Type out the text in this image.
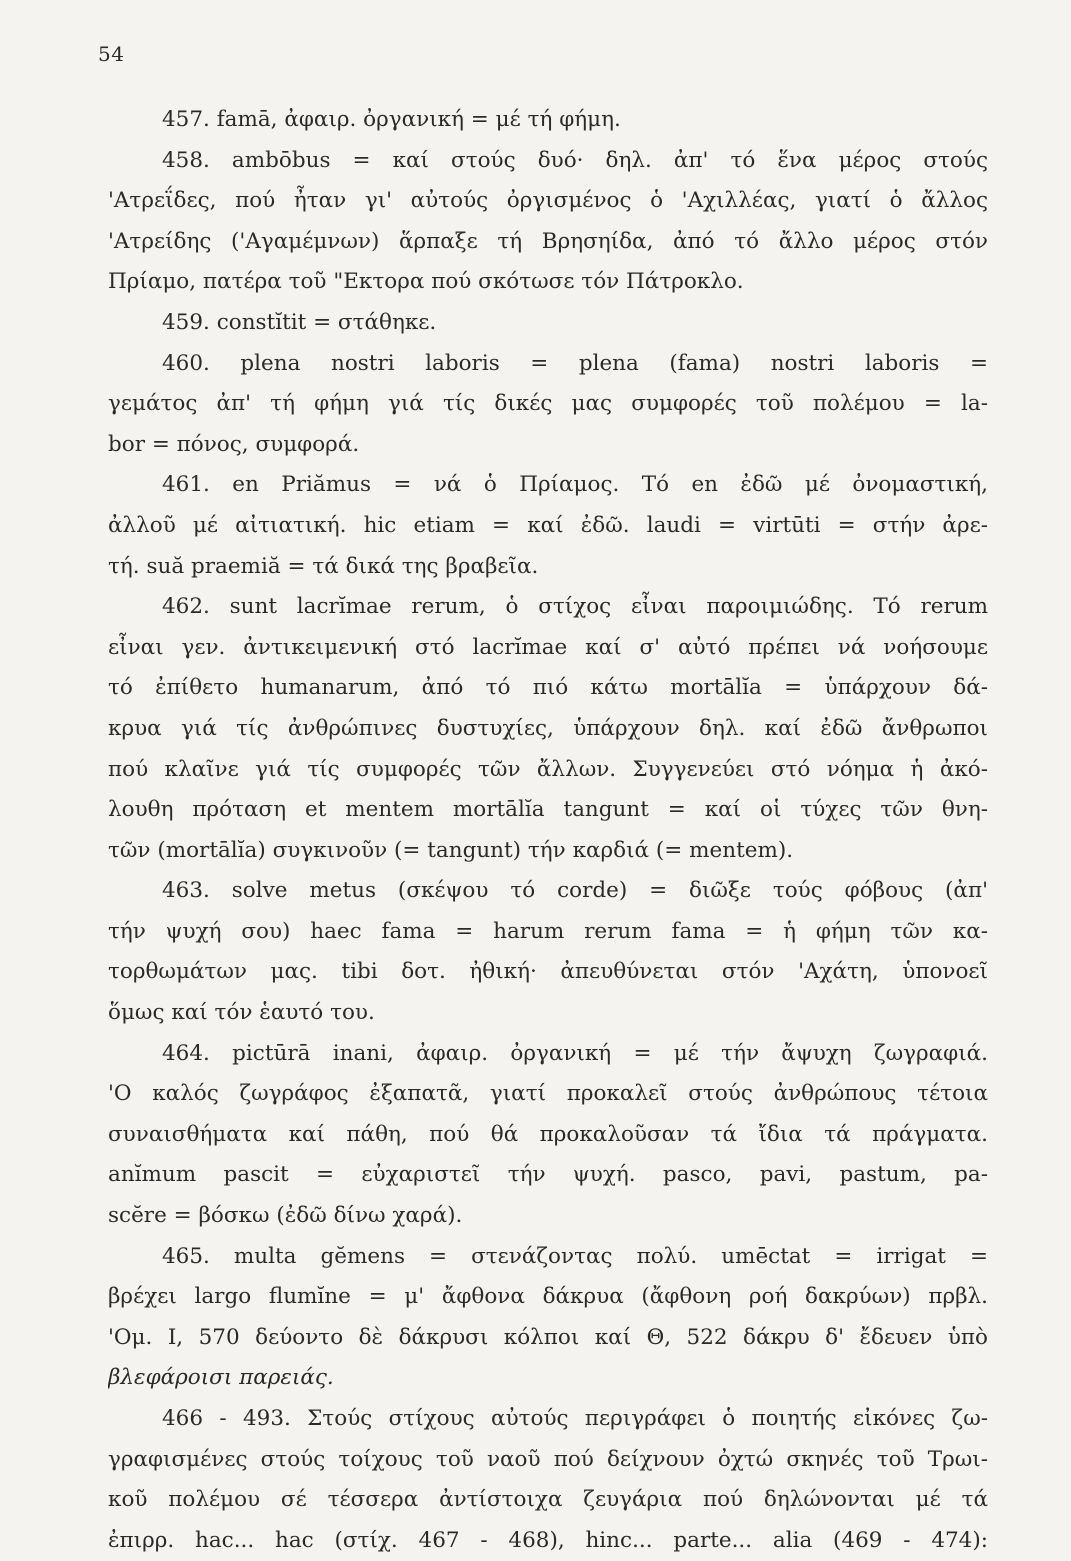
54
457. famā, ἀφαιρ. ὀργανική = μέ τή φήμη.
458. ambōbus = καί στούς δυό· δηλ. ἀπ' τό ἕνα μέρος στούς
'Ατρεΐδες, πού ἦταν γι' αὐτούς ὀργισμένος ὁ 'Αχιλλέας, γιατί ὁ ἄλλος
'Ατρείδης ('Αγαμέμνων) ἅρπαξε τή Βρησηίδα, ἀπό τό ἄλλο μέρος στόν
Πρίαμο, πατέρα τοῦ "Εκτορα πού σκότωσε τόν Πάτροκλο.
459. constĭtit = στάθηκε.
460. plena nostri laboris = plena (fama) nostri laboris =
γεμάτος ἀπ' τή φήμη γιά τίς δικές μας συμφορές τοῦ πολέμου = la-
bor = πόνος, συμφορά.
461. en Priămus = νά ὁ Πρίαμος. Τό en ἐδῶ μέ ὀνομαστική,
ἀλλοῦ μέ αἰτιατική. hic etiam = καί ἐδῶ. laudi = virtūti = στήν ἀρε-
τή. suă praemiă = τά δικά της βραβεῖα.
462. sunt lacrĭmae rerum, ὁ στίχος εἶναι παροιμιώδης. Τό rerum
εἶναι γεν. ἀντικειμενική στό lacrĭmae καί σ' αὐτό πρέπει νά νοήσουμε
τό ἐπίθετο humanarum, ἀπό τό πιό κάτω mortālĭa = ὑπάρχουν δά-
κρυα γιά τίς ἀνθρώπινες δυστυχίες, ὑπάρχουν δηλ. καί ἐδῶ ἄνθρωποι
πού κλαῖνε γιά τίς συμφορές τῶν ἄλλων. Συγγενεύει στό νόημα ἡ ἀκό-
λουθη πρόταση et mentem mortālĭa tangunt = καί οἱ τύχες τῶν θνη-
τῶν (mortālĭa) συγκινοῦν (= tangunt) τήν καρδιά (= mentem).
463. solve metus (σκέψου τό corde) = διῶξε τούς φόβους (ἀπ'
τήν ψυχή σου) haec fama = harum rerum fama = ἡ φήμη τῶν κα-
τορθωμάτων μας. tibi δοτ. ἠθική· ἀπευθύνεται στόν 'Αχάτη, ὑπονοεῖ
ὅμως καί τόν ἑαυτό του.
464. pictūrā inani, ἀφαιρ. ὀργανική = μέ τήν ἄψυχη ζωγραφιά.
'Ο καλός ζωγράφος ἐξαπατᾶ, γιατί προκαλεῖ στούς ἀνθρώπους τέτοια
συναισθήματα καί πάθη, πού θά προκαλοῦσαν τά ἴδια τά πράγματα.
anĭmum pascit = εὐχαριστεῖ τήν ψυχή. pasco, pavi, pastum, pa-
scĕre = βόσκω (ἐδῶ δίνω χαρά).
465. multa gĕmens = στενάζοντας πολύ. umēctat = irrigat =
βρέχει largo flumĭne = μ' ἄφθονα δάκρυα (ἄφθονη ροή δακρύων) πρβλ.
'Ομ. I, 570 δεύοντο δὲ δάκρυσι κόλποι καί Θ, 522 δάκρυ δ' ἔδευεν ὑπὸ
βλεφάροισι παρειάς.
466 - 493. Στούς στίχους αὐτούς περιγράφει ὁ ποιητής εἰκόνες ζω-
γραφισμένες στούς τοίχους τοῦ ναοῦ πού δείχνουν ὀχτώ σκηνές τοῦ Τρωι-
κοῦ πολέμου σέ τέσσερα ἀντίστοιχα ζευγάρια πού δηλώνονται μέ τά
ἐπιρρ. hac... hac (στίχ. 467 - 468), hinc... parte... alia (469 - 474):
